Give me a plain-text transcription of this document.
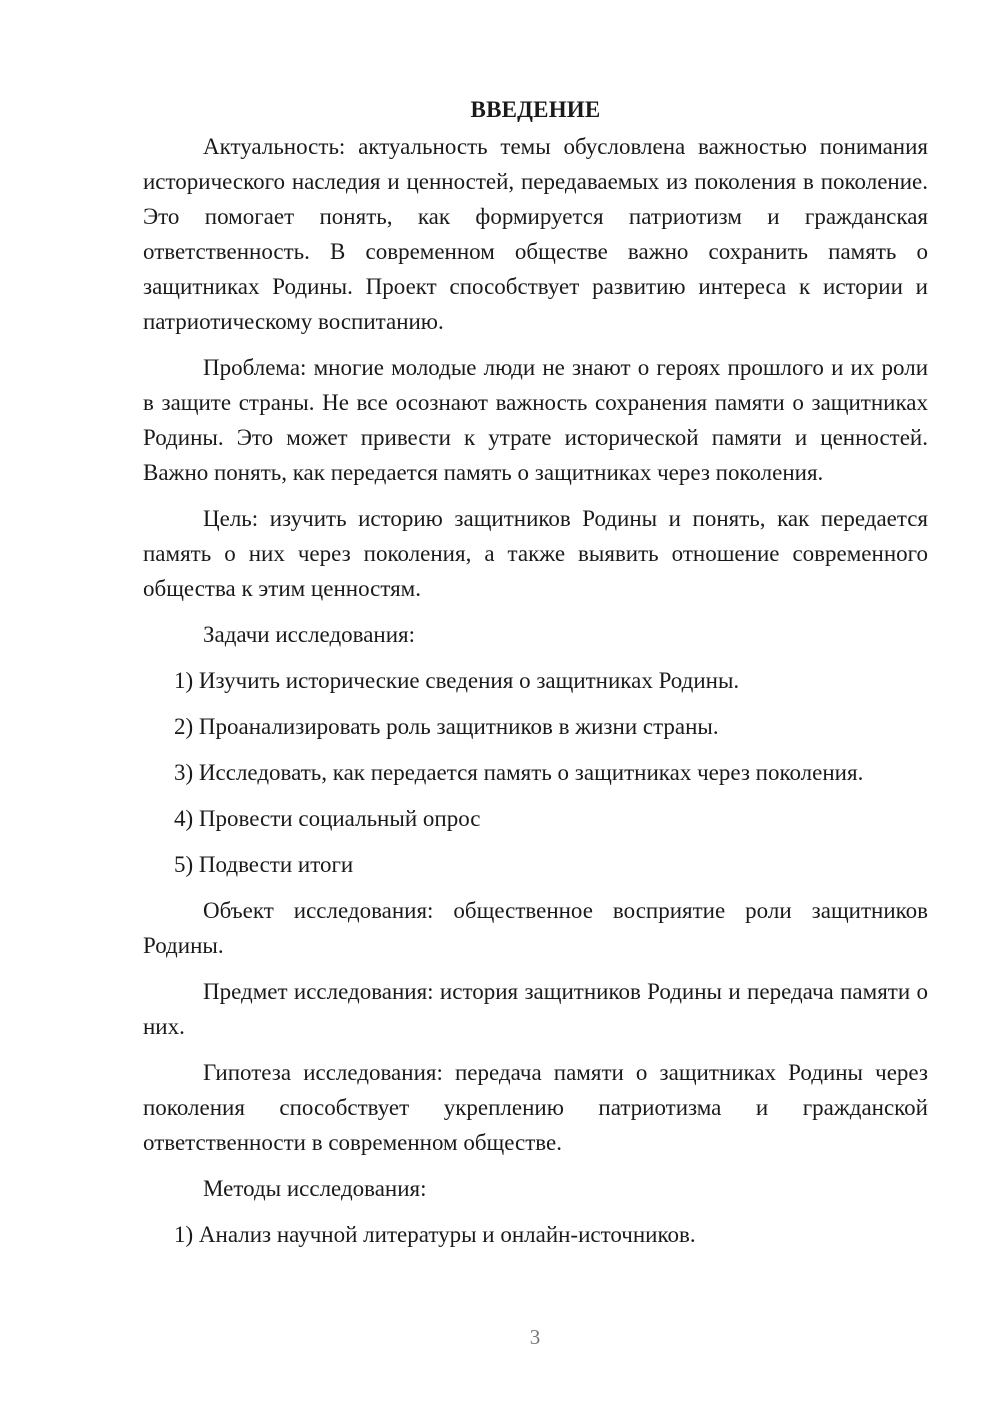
ВВЕДЕНИЕ

Актуальность: актуальность темы обусловлена важностью понимания исторического наследия и ценностей, передаваемых из поколения в поколение. Это помогает понять, как формируется патриотизм и гражданская ответственность. В современном обществе важно сохранить память о защитниках Родины. Проект способствует развитию интереса к истории и патриотическому воспитанию.

Проблема: многие молодые люди не знают о героях прошлого и их роли в защите страны. Не все осознают важность сохранения памяти о защитниках Родины. Это может привести к утрате исторической памяти и ценностей. Важно понять, как передается память о защитниках через поколения.

Цель: изучить историю защитников Родины и понять, как передается память о них через поколения, а также выявить отношение современного общества к этим ценностям.

Задачи исследования:

1) Изучить исторические сведения о защитниках Родины.
2) Проанализировать роль защитников в жизни страны.
3) Исследовать, как передается память о защитниках через поколения.
4) Провести социальный опрос
5) Подвести итоги

Объект исследования: общественное восприятие роли защитников Родины.

Предмет исследования: история защитников Родины и передача памяти о них.

Гипотеза исследования: передача памяти о защитниках Родины через поколения способствует укреплению патриотизма и гражданской ответственности в современном обществе.

Методы исследования:

1) Анализ научной литературы и онлайн-источников.
3
